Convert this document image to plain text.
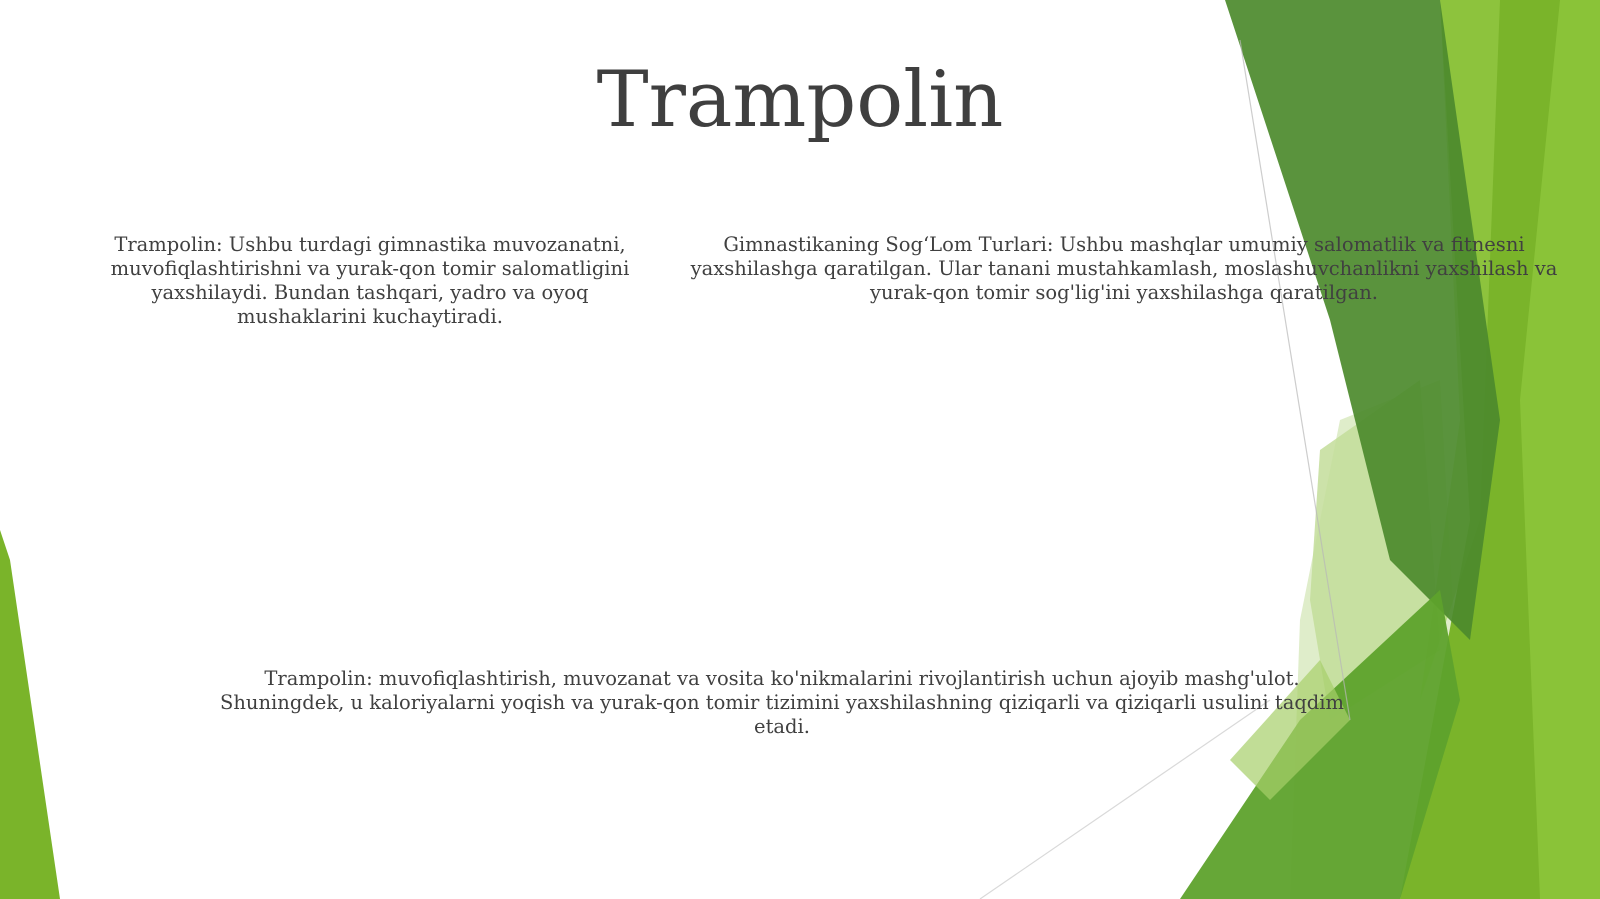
Trampolin
Trampolin: Ushbu turdagi gimnastika muvozanatni, muvofiqlashtirishni va yurak-qon tomir salomatligini yaxshilaydi. Bundan tashqari, yadro va oyoq mushaklarini kuchaytiradi.
Gimnastikaning Sog‘Lom Turlari: Ushbu mashqlar umumiy salomatlik va fitnesni yaxshilashga qaratilgan. Ular tanani mustahkamlash, moslashuvchanlikni yaxshilash va yurak-qon tomir sog'lig'ini yaxshilashga qaratilgan.
Trampolin: muvofiqlashtirish, muvozanat va vosita ko'nikmalarini rivojlantirish uchun ajoyib mashg'ulot. Shuningdek, u kaloriyalarni yoqish va yurak-qon tomir tizimini yaxshilashning qiziqarli va qiziqarli usulini taqdim etadi.
